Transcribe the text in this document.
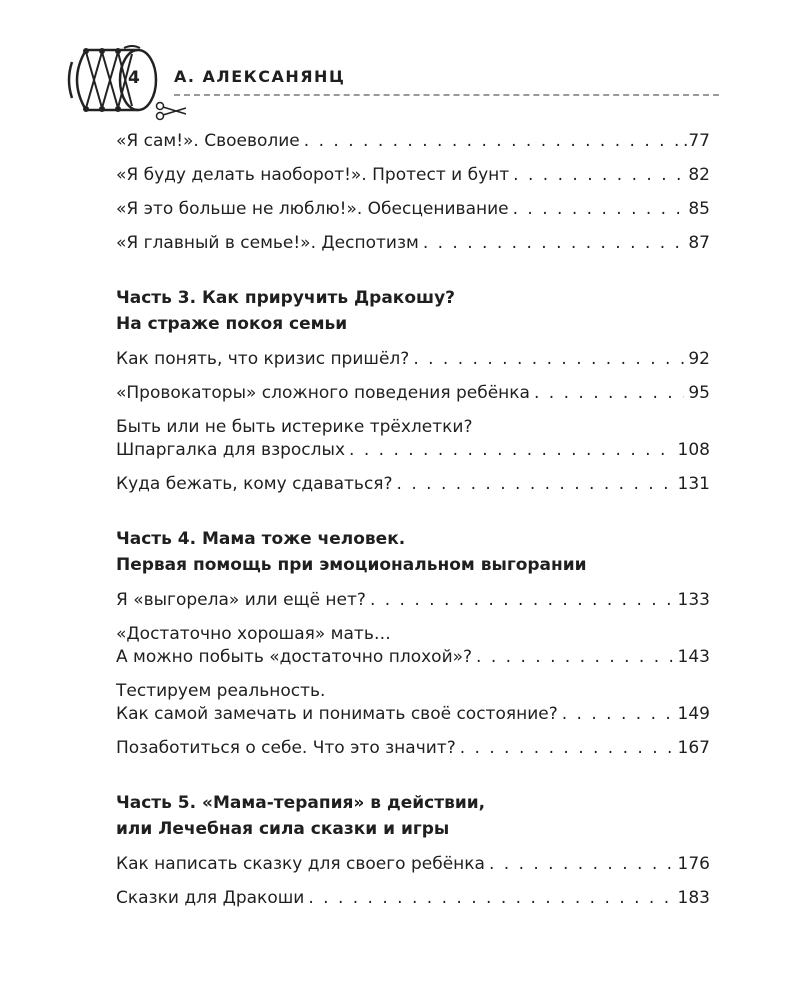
4 А. АЛЕКСАНЯНЦ
«Я сам!». Своеволие . . .	.77
«Я буду делать наоборот!». Протест и бунт . . .	82
«Я это больше не люблю!». Обесценивание . . .	85
«Я главный в семье!». Деспотизм . . .	87
Часть 3. Как приручить Дракошу?
На страже покоя семьи
Как понять, что кризис пришёл? . . .	92
«Провокаторы» сложного поведения ребёнка . . .	95
Быть или не быть истерике трёхлетки?
Шпаргалка для взрослых . . .	108
Куда бежать, кому сдаваться? . . .	131
Часть 4. Мама тоже человек.
Первая помощь при эмоциональном выгорании
Я «выгорела» или ещё нет? . . .	133
«Достаточно хорошая» мать…
А можно побыть «достаточно плохой»? . . .	143
Тестируем реальность.
Как самой замечать и понимать своё состояние? . . .	149
Позаботиться о себе. Что это значит? . . .	167
Часть 5. «Мама-терапия» в действии,
или Лечебная сила сказки и игры
Как написать сказку для своего ребёнка . . .	176
Сказки для Дракоши . . .	183
